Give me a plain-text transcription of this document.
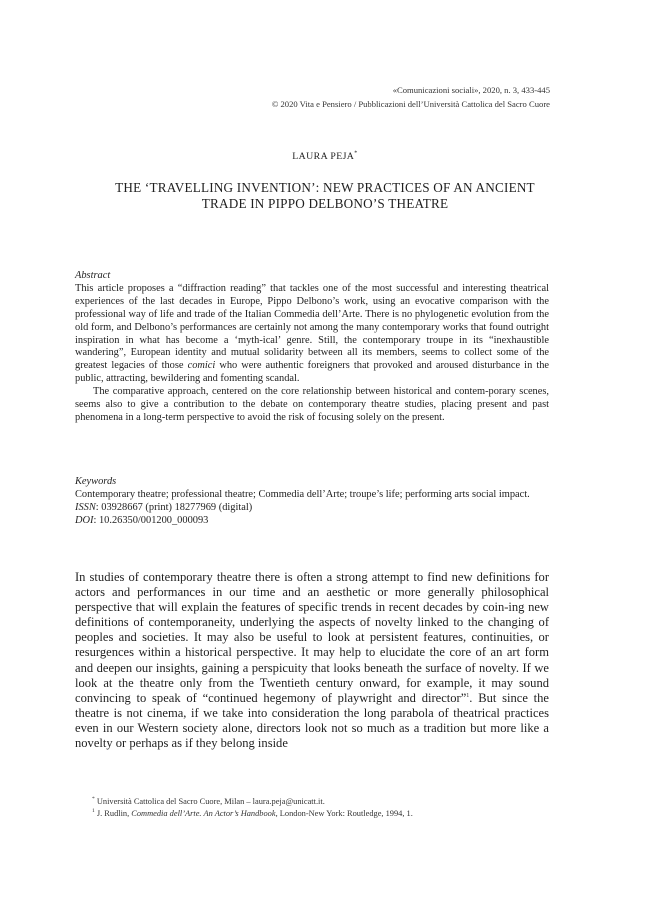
«Comunicazioni sociali», 2020, n. 3, 433-445
© 2020 Vita e Pensiero / Pubblicazioni dell’Università Cattolica del Sacro Cuore
LAURA PEJA*
THE ‘TRAVELLING INVENTION’: NEW PRACTICES OF AN ANCIENT
TRADE IN PIPPO DELBONO’S THEATRE

Abstract

This article proposes a “diffraction reading” that tackles one of the most successful and interesting theatrical experiences of the last decades in Europe, Pippo Delbono’s work, using an evocative comparison with the professional way of life and trade of the Italian Commedia dell’Arte. There is no phylogenetic evolution from the old form, and Delbono’s performances are certainly not among the many contemporary works that found outright inspiration in what has become a ‘myth-ical’ genre. Still, the contemporary troupe in its “inexhaustible wandering”, European identity and mutual solidarity between all its members, seems to collect some of the greatest legacies of those comici who were authentic foreigners that provoked and aroused disturbance in the public, attracting, bewildering and fomenting scandal.

The comparative approach, centered on the core relationship between historical and contem-porary scenes, seems also to give a contribution to the debate on contemporary theatre studies, placing present and past phenomena in a long-term perspective to avoid the risk of focusing solely on the present.

Keywords

Contemporary theatre; professional theatre; Commedia dell’Arte; troupe’s life; performing arts social impact.

ISSN: 03928667 (print) 18277969 (digital)

DOI: 10.26350/001200_000093

In studies of contemporary theatre there is often a strong attempt to find new definitions for actors and performances in our time and an aesthetic or more generally philosophical perspective that will explain the features of specific trends in recent decades by coin-ing new definitions of contemporaneity, underlying the aspects of novelty linked to the changing of peoples and societies. It may also be useful to look at persistent features, continuities, or resurgences within a historical perspective. It may help to elucidate the core of an art form and deepen our insights, gaining a perspicuity that looks beneath the surface of novelty. If we look at the theatre only from the Twentieth century onward, for example, it may sound convincing to speak of “continued hegemony of playwright and director”$^1$. But since the theatre is not cinema, if we take into consideration the long parabola of theatrical practices even in our Western society alone, directors look not so much as a tradition but more like a novelty or perhaps as if they belong inside

* Università Cattolica del Sacro Cuore, Milan – laura.peja@unicatt.it.
$^1$ J. Rudlin, Commedia dell’Arte. An Actor’s Handbook, London-New York: Routledge, 1994, 1.
